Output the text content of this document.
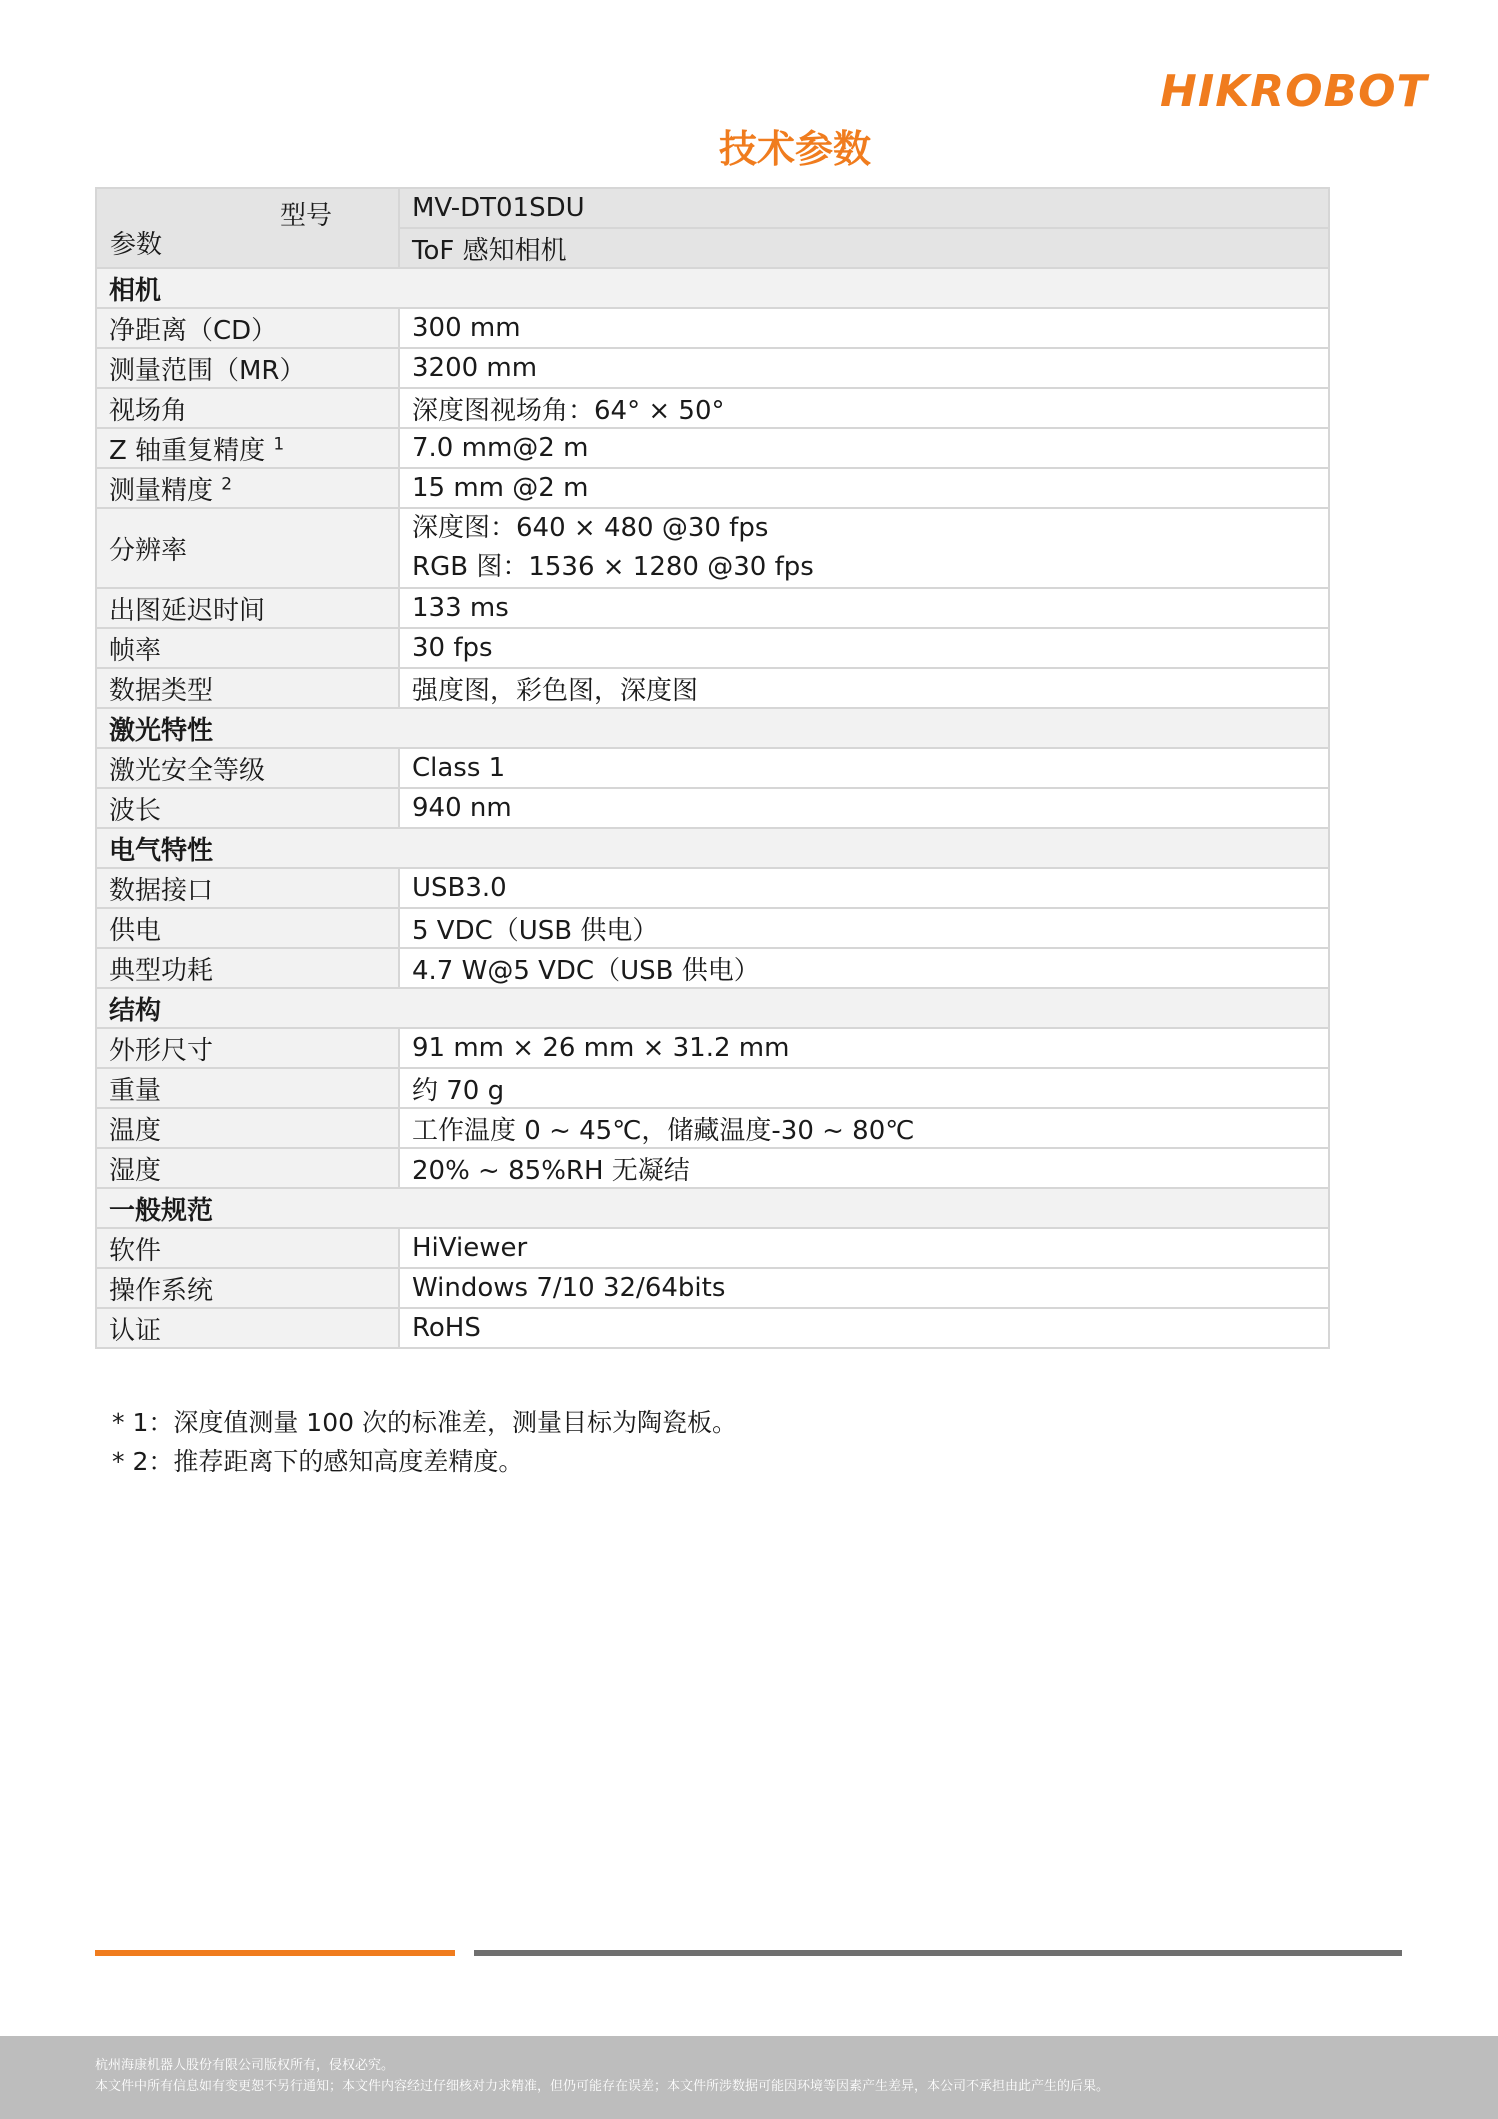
HIKROBOT
技术参数
型号
参数	MV-DT01SDU
	ToF 感知相机
相机	
净距离（CD）	300 mm

测量范围（MR）	3200 mm

视场角	深度图视场角：64° × 50°

Z 轴重复精度 $^1$	7.0 mm@2 m

测量精度 $^2$	15 mm @2 m

分辨率	深度图：640 × 480 @30 fps
RGB 图：1536 × 1280 @30 fps

出图延迟时间	133 ms

帧率	30 fps

数据类型	强度图，彩色图，深度图

激光特性	
激光安全等级	Class 1

波长	940 nm

电气特性	
数据接口	USB3.0

供电	5 VDC（USB 供电）

典型功耗	4.7 W@5 VDC（USB 供电）

结构	
外形尺寸	91 mm × 26 mm × 31.2 mm

重量	约 70 g

温度	工作温度 0 ~ 45℃，储藏温度-30 ~ 80℃

湿度	20% ~ 85%RH 无凝结

一般规范	
软件	HiViewer

操作系统	Windows 7/10 32/64bits

认证	RoHS
* 1：深度值测量 100 次的标准差，测量目标为陶瓷板。
* 2：推荐距离下的感知高度差精度。
杭州海康机器人股份有限公司版权所有，侵权必究。
本文件中所有信息如有变更恕不另行通知；本文件内容经过仔细核对力求精准，但仍可能存在误差；本文件所涉数据可能因环境等因素产生差异，本公司不承担由此产生的后果。
